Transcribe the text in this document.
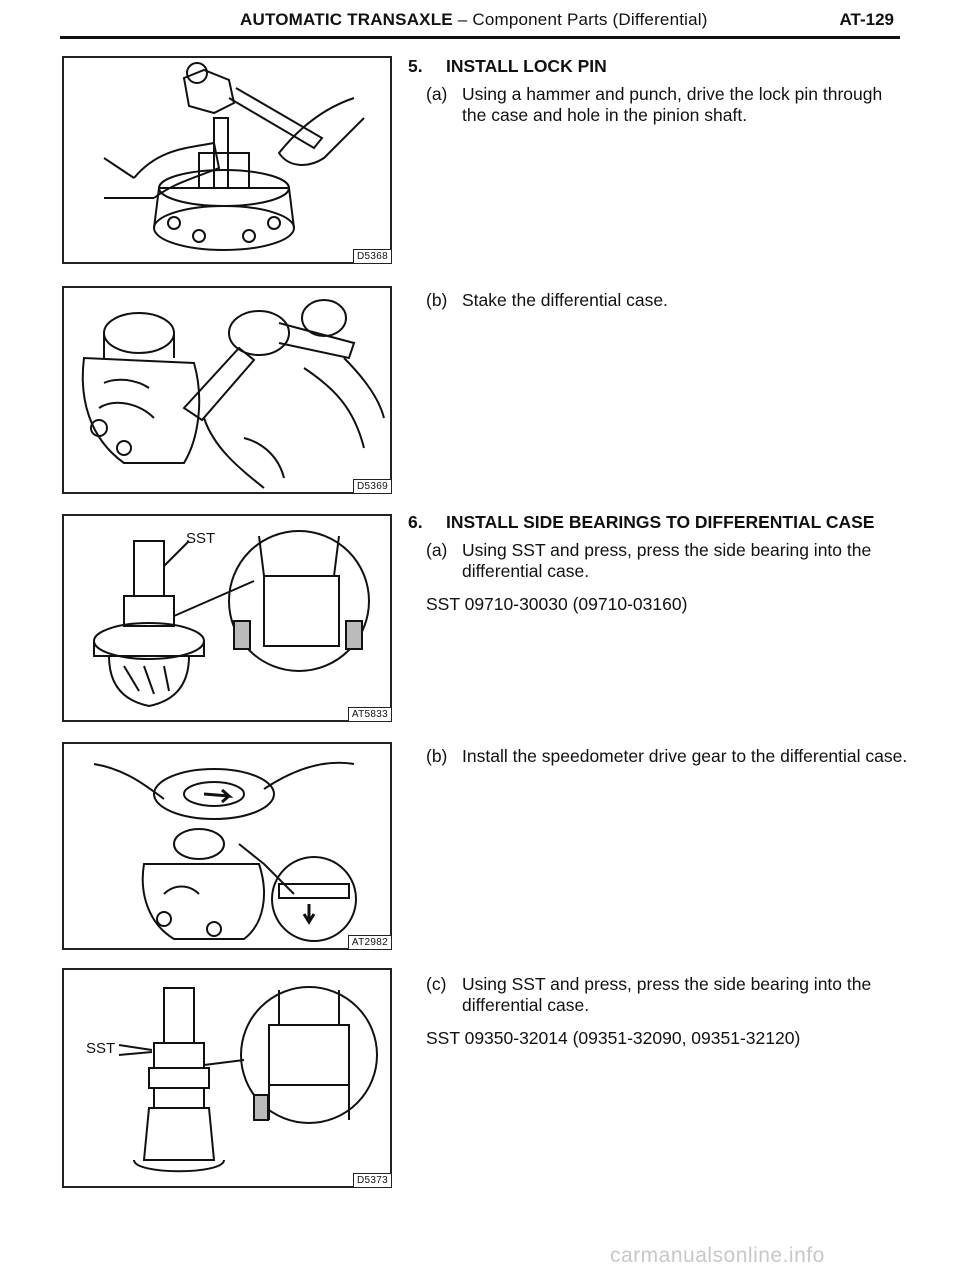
AUTOMATIC TRANSAXLE – Component Parts (Differential)	AT-129
D5368
D5369
SST
AT5833
AT2982
SST
D5373
5. INSTALL LOCK PIN
(a) Using a hammer and punch, drive the lock pin through the case and hole in the pinion shaft.
(b) Stake the differential case.
6. INSTALL SIDE BEARINGS TO DIFFERENTIAL CASE
(a) Using SST and press, press the side bearing into the differential case.
SST 09710-30030 (09710-03160)
(b) Install the speedometer drive gear to the differential case.
(c) Using SST and press, press the side bearing into the differential case.
SST 09350-32014 (09351-32090, 09351-32120)
carmanualsonline.info
